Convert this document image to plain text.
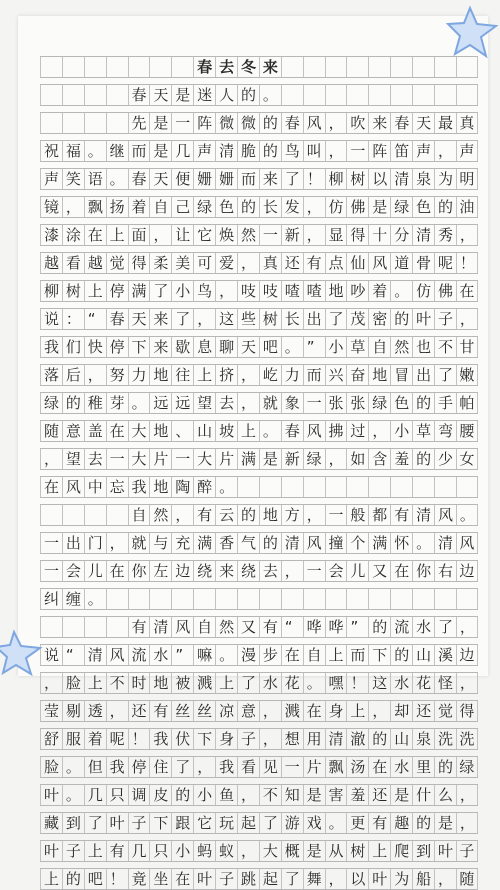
春 去 冬 来
春 天 是 迷 人 的 。
先 是 一 阵 微 微 的 春 风 ， 吹 来 春 天 最 真
祝 福 。 继 而 是 几 声 清 脆 的 鸟 叫 ， 一 阵 笛 声 ， 声
声 笑 语 。 春 天 便 姗 姗 而 来 了 ！ 柳 树 以 清 泉 为 明
镜 ， 飘 扬 着 自 己 绿 色 的 长 发 ， 仿 佛 是 绿 色 的 油
漆 涂 在 上 面 ， 让 它 焕 然 一 新 ， 显 得 十 分 清 秀 ，
越 看 越 觉 得 柔 美 可 爱 ， 真 还 有 点 仙 风 道 骨 呢 ！
柳 树 上 停 满 了 小 鸟 ， 吱 吱 喳 喳 地 吵 着 。 仿 佛 在
说 ： “ 春 天 来 了 ， 这 些 树 长 出 了 茂 密 的 叶 子 ，
我 们 快 停 下 来 歇 息 聊 天 吧 。 ” 小 草 自 然 也 不 甘
落 后 ， 努 力 地 往 上 挤 ， 屹 力 而 兴 奋 地 冒 出 了 嫩
绿 的 稚 芽 。 远 远 望 去 ， 就 象 一 张 张 绿 色 的 手 帕
随 意 盖 在 大 地 、 山 坡 上 。 春 风 拂 过 ， 小 草 弯 腰
， 望 去 一 大 片 一 大 片 满 是 新 绿 ， 如 含 羞 的 少 女
在 风 中 忘 我 地 陶 醉 。
自 然 ， 有 云 的 地 方 ， 一 般 都 有 清 风 。
一 出 门 ， 就 与 充 满 香 气 的 清 风 撞 个 满 怀 。 清 风
一 会 儿 在 你 左 边 绕 来 绕 去 ， 一 会 儿 又 在 你 右 边
纠 缠 。
有 清 风 自 然 又 有 “ 哗 哗 ” 的 流 水 了 ，
说 “ 清 风 流 水 ” 嘛 。 漫 步 在 自 上 而 下 的 山 溪 边
， 脸 上 不 时 地 被 溅 上 了 水 花 。 嘿 ！ 这 水 花 怪 ，
莹 剔 透 ， 还 有 丝 丝 凉 意 ， 溅 在 身 上 ， 却 还 觉 得
舒 服 着 呢 ！ 我 伏 下 身 子 ， 想 用 清 澈 的 山 泉 洗 洗
脸 。 但 我 停 住 了 ， 我 看 见 一 片 飘 汤 在 水 里 的 绿
叶 。 几 只 调 皮 的 小 鱼 ， 不 知 是 害 羞 还 是 什 么 ，
藏 到 了 叶 子 下 跟 它 玩 起 了 游 戏 。 更 有 趣 的 是 ，
叶 子 上 有 几 只 小 蚂 蚁 ， 大 概 是 从 树 上 爬 到 叶 子
上 的 吧 ！ 竟 坐 在 叶 子 跳 起 了 舞 ， 以 叶 为 船 ， 随
